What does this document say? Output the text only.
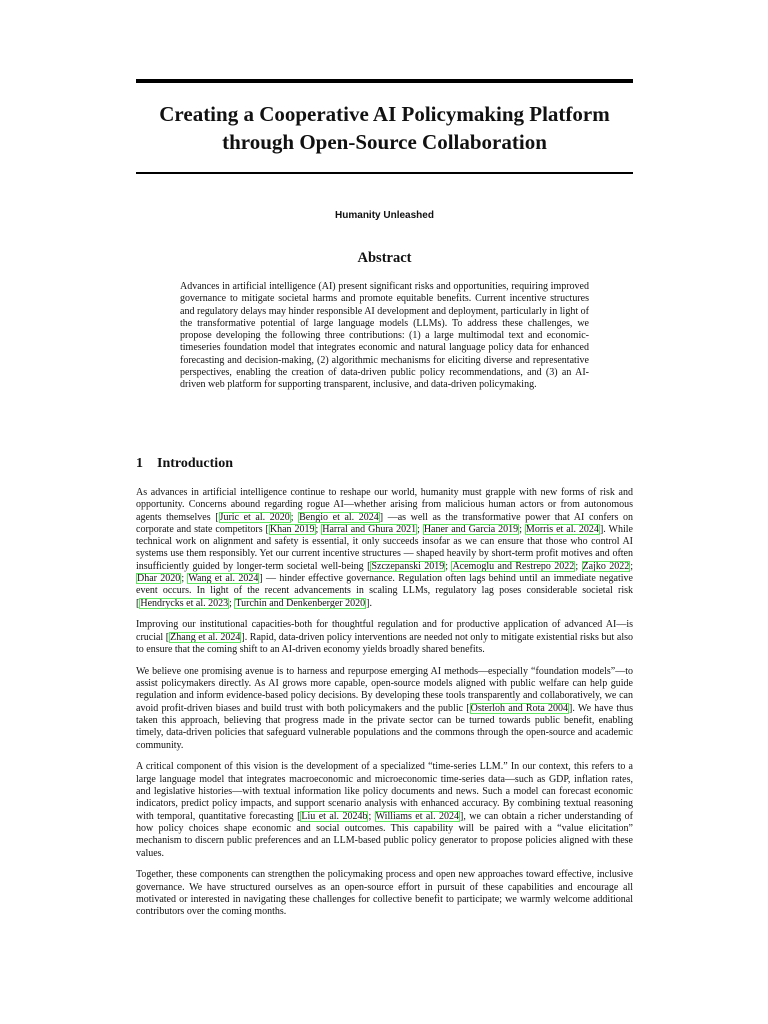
Creating a Cooperative AI Policymaking Platform through Open-Source Collaboration
Humanity Unleashed
Abstract

Advances in artificial intelligence (AI) present significant risks and opportunities, requiring improved governance to mitigate societal harms and promote equitable benefits. Current incentive structures and regulatory delays may hinder responsible AI development and deployment, particularly in light of the transformative potential of large language models (LLMs). To address these challenges, we propose developing the following three contributions: (1) a large multimodal text and economic-timeseries foundation model that integrates economic and natural language policy data for enhanced forecasting and decision-making, (2) algorithmic mechanisms for eliciting diverse and representative perspectives, enabling the creation of data-driven public policy recommendations, and (3) an AI-driven web platform for supporting transparent, inclusive, and data-driven policymaking.

1 Introduction

As advances in artificial intelligence continue to reshape our world, humanity must grapple with new forms of risk and opportunity. Concerns abound regarding rogue AI—whether arising from malicious human actors or from autonomous agents themselves [Juric et al. 2020; Bengio et al. 2024] —as well as the transformative power that AI confers on corporate and state competitors [Khan 2019; Harral and Ghura 2021; Haner and Garcia 2019; Morris et al. 2024]. While technical work on alignment and safety is essential, it only succeeds insofar as we can ensure that those who control AI systems use them responsibly. Yet our current incentive structures — shaped heavily by short-term profit motives and often insufficiently guided by longer-term societal well-being [Szczepanski 2019; Acemoglu and Restrepo 2022; Zajko 2022; Dhar 2020; Wang et al. 2024] — hinder effective governance. Regulation often lags behind until an immediate negative event occurs. In light of the recent advancements in scaling LLMs, regulatory lag poses considerable societal risk [Hendrycks et al. 2023; Turchin and Denkenberger 2020].

Improving our institutional capacities-both for thoughtful regulation and for productive application of advanced AI—is crucial [Zhang et al. 2024]. Rapid, data-driven policy interventions are needed not only to mitigate existential risks but also to ensure that the coming shift to an AI-driven economy yields broadly shared benefits.

We believe one promising avenue is to harness and repurpose emerging AI methods—especially “foundation models”—to assist policymakers directly. As AI grows more capable, open-source models aligned with public welfare can help guide regulation and inform evidence-based policy decisions. By developing these tools transparently and collaboratively, we can avoid profit-driven biases and build trust with both policymakers and the public [Osterloh and Rota 2004]. We have thus taken this approach, believing that progress made in the private sector can be turned towards public benefit, enabling timely, data-driven policies that safeguard vulnerable populations and the commons through the open-source and academic community.

A critical component of this vision is the development of a specialized “time-series LLM.” In our context, this refers to a large language model that integrates macroeconomic and microeconomic time-series data—such as GDP, inflation rates, and legislative histories—with textual information like policy documents and news. Such a model can forecast economic indicators, predict policy impacts, and support scenario analysis with enhanced accuracy. By combining textual reasoning with temporal, quantitative forecasting [Liu et al. 2024b; Williams et al. 2024], we can obtain a richer understanding of how policy choices shape economic and social outcomes. This capability will be paired with a “value elicitation” mechanism to discern public preferences and an LLM-based public policy generator to propose policies aligned with these values.

Together, these components can strengthen the policymaking process and open new approaches toward effective, inclusive governance. We have structured ourselves as an open-source effort in pursuit of these capabilities and encourage all motivated or interested in navigating these challenges for collective benefit to participate; we warmly welcome additional contributors over the coming months.
